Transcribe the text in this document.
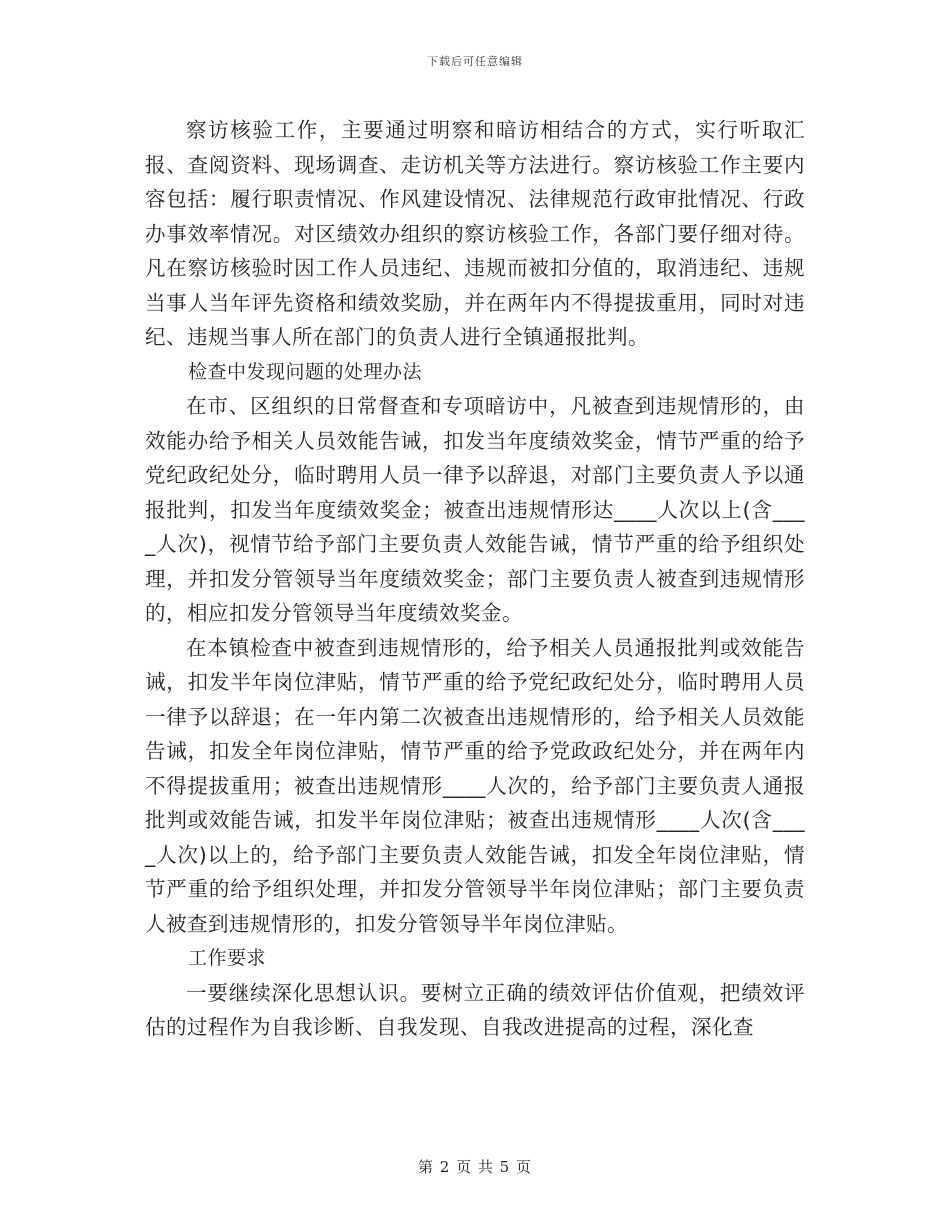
下载后可任意编辑

察访核验工作，主要通过明察和暗访相结合的方式，实行听取汇报、查阅资料、现场调查、走访机关等方法进行。察访核验工作主要内容包括：履行职责情况、作风建设情况、法律规范行政审批情况、行政办事效率情况。对区绩效办组织的察访核验工作，各部门要仔细对待。凡在察访核验时因工作人员违纪、违规而被扣分值的，取消违纪、违规当事人当年评先资格和绩效奖励，并在两年内不得提拔重用，同时对违纪、违规当事人所在部门的负责人进行全镇通报批判。

检查中发现问题的处理办法

在市、区组织的日常督查和专项暗访中，凡被查到违规情形的，由效能办给予相关人员效能告诫，扣发当年度绩效奖金，情节严重的给予党纪政纪处分，临时聘用人员一律予以辞退，对部门主要负责人予以通报批判，扣发当年度绩效奖金；被查出违规情形达____人次以上(含____人次)，视情节给予部门主要负责人效能告诫，情节严重的给予组织处理，并扣发分管领导当年度绩效奖金；部门主要负责人被查到违规情形的，相应扣发分管领导当年度绩效奖金。

在本镇检查中被查到违规情形的，给予相关人员通报批判或效能告诫，扣发半年岗位津贴，情节严重的给予党纪政纪处分，临时聘用人员一律予以辞退；在一年内第二次被查出违规情形的，给予相关人员效能告诫，扣发全年岗位津贴，情节严重的给予党政政纪处分，并在两年内不得提拔重用；被查出违规情形____人次的，给予部门主要负责人通报批判或效能告诫，扣发半年岗位津贴；被查出违规情形____人次(含____人次)以上的，给予部门主要负责人效能告诫，扣发全年岗位津贴，情节严重的给予组织处理，并扣发分管领导半年岗位津贴；部门主要负责人被查到违规情形的，扣发分管领导半年岗位津贴。

工作要求

一要继续深化思想认识。要树立正确的绩效评估价值观，把绩效评估的过程作为自我诊断、自我发现、自我改进提高的过程，深化查

第 2 页 共 5 页
